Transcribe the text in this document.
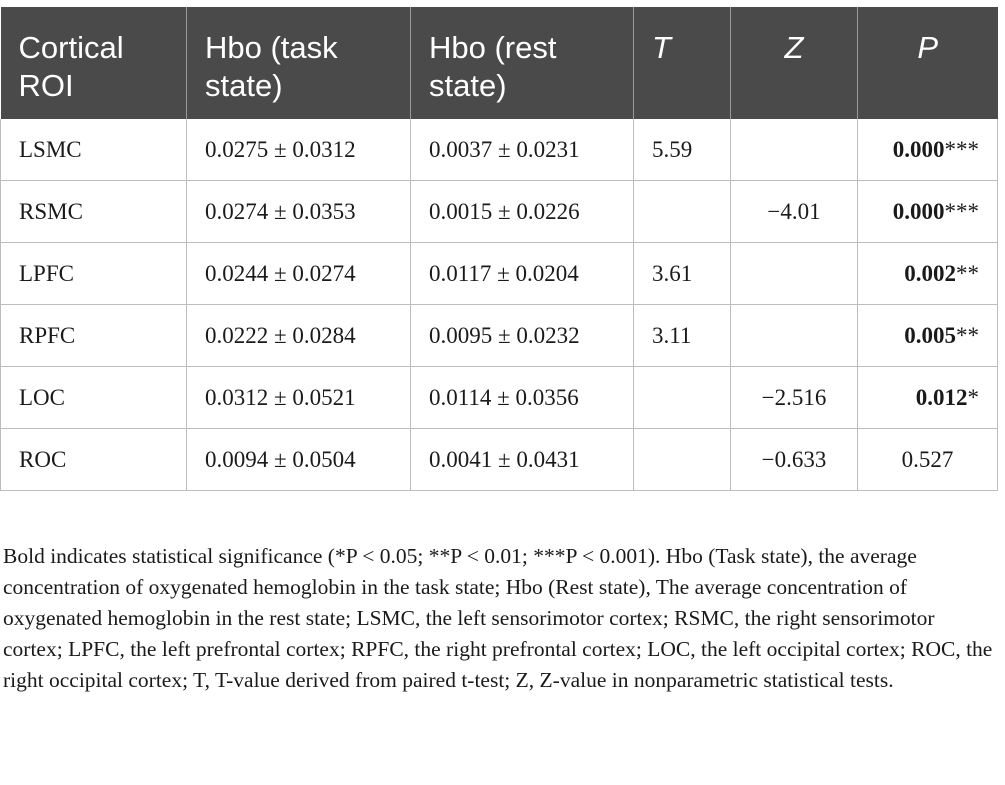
Cortical ROI	Hbo (task state)	Hbo (rest state)	T	Z	P
LSMC	0.0275 ± 0.0312	0.0037 ± 0.0231	5.59		0.000***
RSMC	0.0274 ± 0.0353	0.0015 ± 0.0226		−4.01	0.000***
LPFC	0.0244 ± 0.0274	0.0117 ± 0.0204	3.61		0.002**
RPFC	0.0222 ± 0.0284	0.0095 ± 0.0232	3.11		0.005**
LOC	0.0312 ± 0.0521	0.0114 ± 0.0356		−2.516	0.012*
ROC	0.0094 ± 0.0504	0.0041 ± 0.0431		−0.633	0.527

Bold indicates statistical significance (*P < 0.05; **P < 0.01; ***P < 0.001). Hbo (Task state), the average concentration of oxygenated hemoglobin in the task state; Hbo (Rest state), The average concentration of oxygenated hemoglobin in the rest state; LSMC, the left sensorimotor cortex; RSMC, the right sensorimotor cortex; LPFC, the left prefrontal cortex; RPFC, the right prefrontal cortex; LOC, the left occipital cortex; ROC, the right occipital cortex; T, T-value derived from paired t-test; Z, Z-value in nonparametric statistical tests.
